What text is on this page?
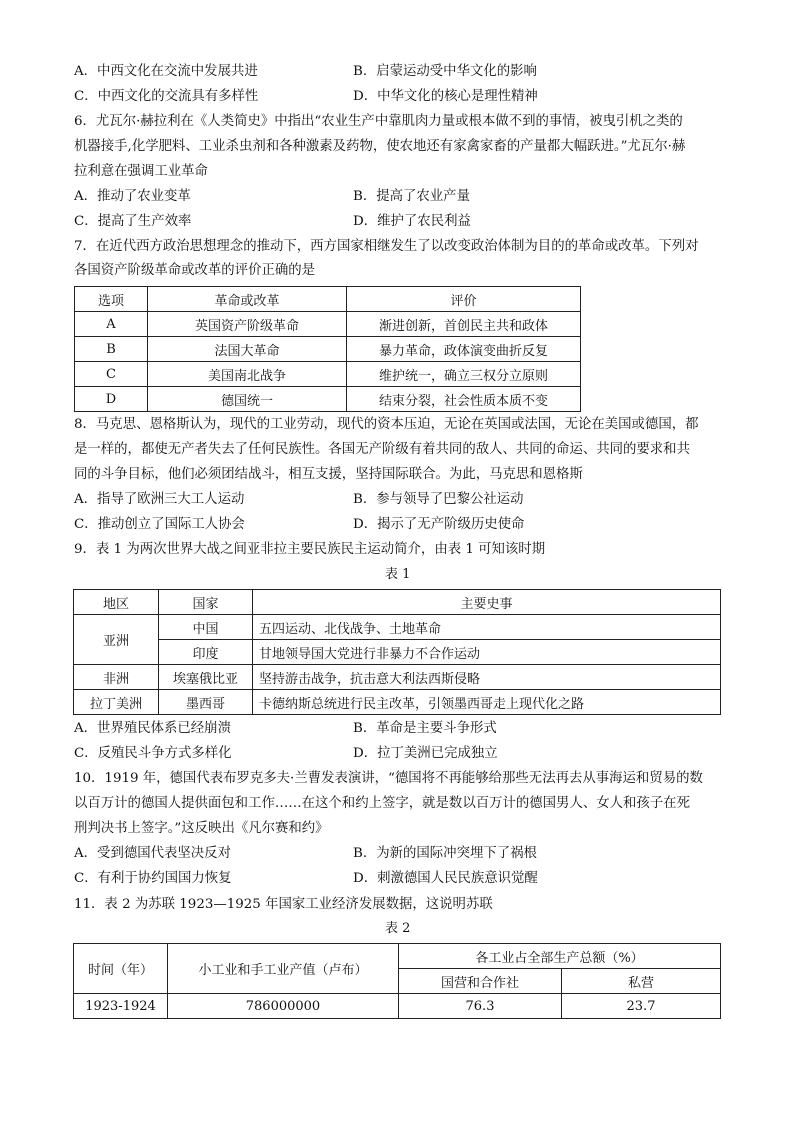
A．中西文化在交流中发展共进	B．启蒙运动受中华文化的影响
C．中西文化的交流具有多样性	D．中华文化的核心是理性精神
6．尤瓦尔·赫拉利在《人类简史》中指出“农业生产中靠肌肉力量或根本做不到的事情，被曳引机之类的
机器接手,化学肥料、工业杀虫剂和各种激素及药物，使农地还有家禽家畜的产量都大幅跃进。”尤瓦尔·赫
拉利意在强调工业革命
A．推动了农业变革	B．提高了农业产量
C．提高了生产效率	D．维护了农民利益
7．在近代西方政治思想理念的推动下，西方国家相继发生了以改变政治体制为目的的革命或改革。下列对
各国资产阶级革命或改革的评价正确的是
选项	革命或改革	评价
A	英国资产阶级革命	渐进创新，首创民主共和政体
B	法国大革命	暴力革命，政体演变曲折反复
C	美国南北战争	维护统一，确立三权分立原则
D	德国统一	结束分裂，社会性质本质不变
8．马克思、恩格斯认为，现代的工业劳动，现代的资本压迫，无论在英国或法国，无论在美国或德国，都
是一样的，都使无产者失去了任何民族性。各国无产阶级有着共同的敌人、共同的命运、共同的要求和共
同的斗争目标，他们必须团结战斗，相互支援，坚持国际联合。为此，马克思和恩格斯
A．指导了欧洲三大工人运动	B．参与领导了巴黎公社运动
C．推动创立了国际工人协会	D．揭示了无产阶级历史使命
9．表 1 为两次世界大战之间亚非拉主要民族民主运动简介，由表 1 可知该时期
表 1
地区	国家	主要史事
亚洲	中国	五四运动、北伐战争、土地革命
	印度	甘地领导国大党进行非暴力不合作运动
非洲	埃塞俄比亚	坚持游击战争，抗击意大利法西斯侵略
拉丁美洲	墨西哥	卡德纳斯总统进行民主改革，引领墨西哥走上现代化之路
A．世界殖民体系已经崩溃	B．革命是主要斗争形式
C．反殖民斗争方式多样化	D．拉丁美洲已完成独立
10．1919 年，德国代表布罗克多夫·兰曹发表演讲，“德国将不再能够给那些无法再去从事海运和贸易的数
以百万计的德国人提供面包和工作……在这个和约上签字，就是数以百万计的德国男人、女人和孩子在死
刑判决书上签字。”这反映出《凡尔赛和约》
A．受到德国代表坚决反对	B．为新的国际冲突埋下了祸根
C．有利于协约国国力恢复	D．刺激德国人民民族意识觉醒
11．表 2 为苏联 1923—1925 年国家工业经济发展数据，这说明苏联
表 2
时间（年）	小工业和手工业产值（卢布）	各工业占全部生产总额（%）	
		国营和合作社	私营
1923-1924	786000000	76.3	23.7
